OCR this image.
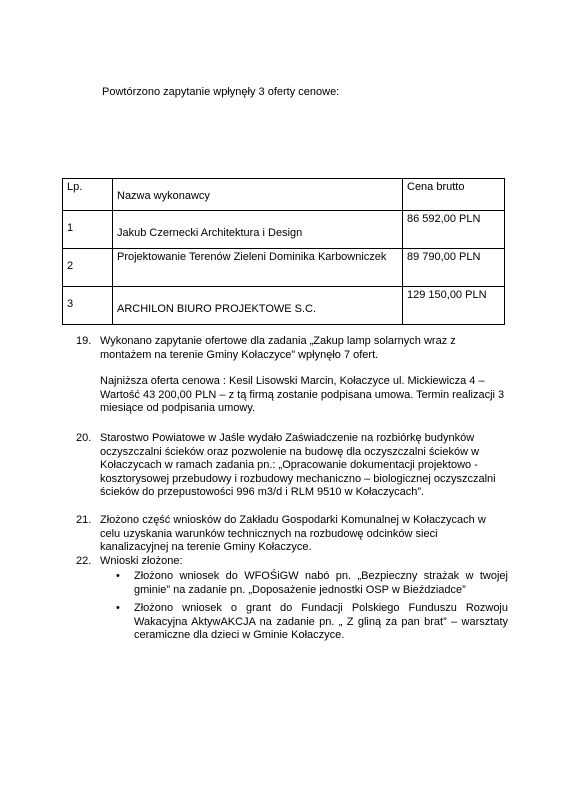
Powtórzono zapytanie wpłynęły 3 oferty cenowe:
Lp.	Nazwa wykonawcy	Cena brutto

1	Jakub Czernecki Architektura i Design	86 592,00 PLN

2	Projektowanie Terenów Zieleni Dominika Karbowniczek	89 790,00 PLN

3	ARCHILON BIURO PROJEKTOWE S.C.	129 150,00 PLN
19. Wykonano zapytanie ofertowe dla zadania „Zakup lamp solarnych wraz z montażem na terenie Gminy Kołaczyce” wpłynęło 7 ofert.

Najniższa oferta cenowa : Kesil Lisowski Marcin, Kołaczyce ul. Mickiewicza 4 – Wartość 43 200,00 PLN – z tą firmą zostanie podpisana umowa. Termin realizacji 3 miesiące od podpisania umowy.

20. Starostwo Powiatowe w Jaśle wydało Zaświadczenie na rozbiórkę budynków oczyszczalni ścieków oraz pozwolenie na budowę dla oczyszczalni ścieków w Kołaczycach w ramach zadania pn.: „Opracowanie dokumentacji projektowo - kosztorysowej przebudowy i rozbudowy mechaniczno – biologicznej oczyszczalni ścieków do przepustowości 996 m3/d i RLM 9510 w Kołaczycach”.

21. Złożono część wniosków do Zakładu Gospodarki Komunalnej w Kołaczycach w celu uzyskania warunków technicznych na rozbudowę odcinków sieci kanalizacyjnej na terenie Gminy Kołaczyce.

22. Wnioski złożone:

• Złożono wniosek do WFOŚiGW nabó pn. „Bezpieczny strażak w twojej gminie” na zadanie pn. „Doposażenie jednostki OSP w Bieździadce”
• Złożono wniosek o grant do Fundacji Polskiego Funduszu Rozwoju Wakacyjna AktywAKCJA na zadanie pn. „ Z gliną za pan brat” – warsztaty ceramiczne dla dzieci w Gminie Kołaczyce.
